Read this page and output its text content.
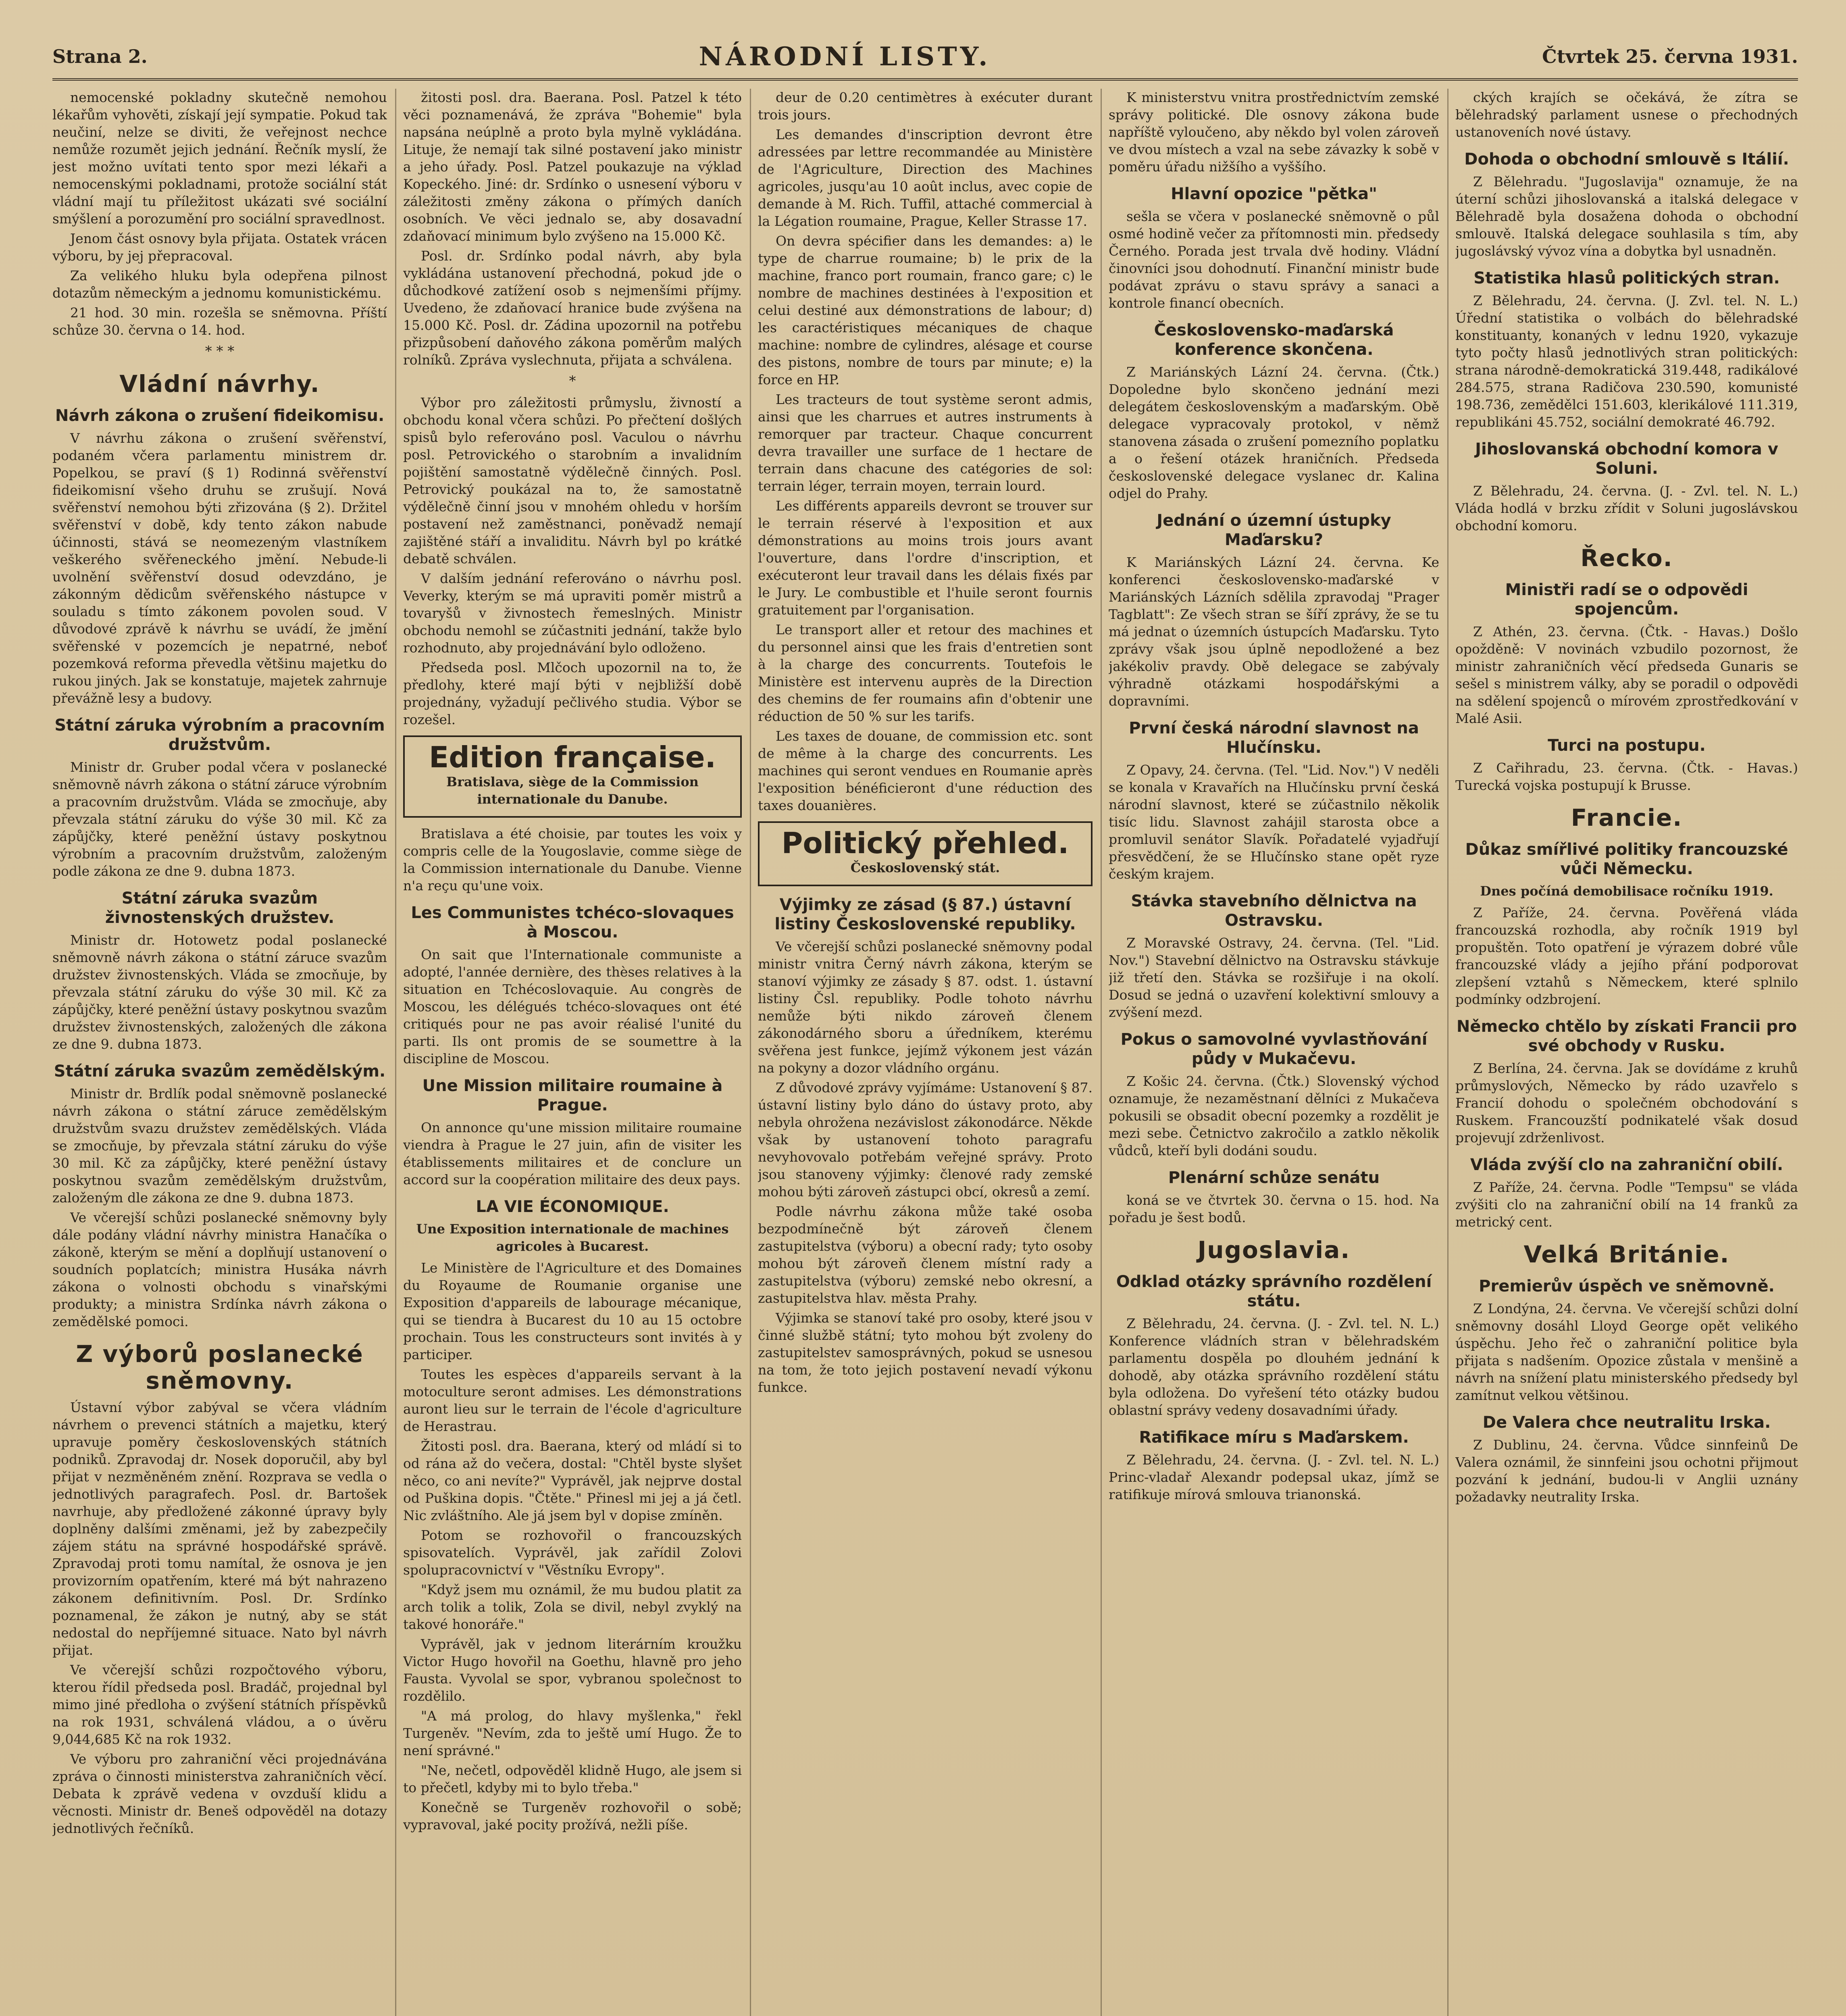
Strana 2.	NÁRODNÍ LISTY.	Čtvrtek 25. června 1931.

nemocenské pokladny skutečně nemohou lékařům vyhověti, získají její sympatie. Pokud tak neučiní, nelze se diviti, že veřejnost nechce nemůže rozumět jejich jednání. Řečník myslí, že jest možno uvítati tento spor mezi lékaři a nemocenskými pokladnami, protože sociální stát vládní mají tu příležitost ukázati své sociální smýšlení a porozumění pro sociální spravedlnost.

Jenom část osnovy byla přijata. Ostatek vrácen výboru, by jej přepracoval.

Za velikého hluku byla odepřena pilnost dotazům německým a jednomu komunistickému.

21 hod. 30 min. rozešla se sněmovna. Příští schůze 30. června o 14. hod.

* * *
Vládní návrhy.
Návrh zákona o zrušení fideikomisu.

V návrhu zákona o zrušení svěřenství, podaném včera parlamentu ministrem dr. Popelkou, se praví (§ 1) Rodinná svěřenství fideikomisní všeho druhu se zrušují. Nová svěřenství nemohou býti zřizována (§ 2). Držitel svěřenství v době, kdy tento zákon nabude účinnosti, stává se neomezeným vlastníkem veškerého svěřeneckého jmění. Nebude-li uvolnění svěřenství dosud odevzdáno, je zákonným dědicům svěřenského nástupce v souladu s tímto zákonem povolen soud. V důvodové zprávě k návrhu se uvádí, že jmění svěřenské v pozemcích je nepatrné, neboť pozemková reforma převedla většinu majetku do rukou jiných. Jak se konstatuje, majetek zahrnuje převážně lesy a budovy.

Státní záruka výrobním a pracovním družstvům.

Ministr dr. Gruber podal včera v poslanecké sněmovně návrh zákona o státní záruce výrobním a pracovním družstvům. Vláda se zmocňuje, aby převzala státní záruku do výše 30 mil. Kč za zápůjčky, které peněžní ústavy poskytnou výrobním a pracovním družstvům, založeným podle zákona ze dne 9. dubna 1873.

Státní záruka svazům živnostenských družstev.

Ministr dr. Hotowetz podal poslanecké sněmovně návrh zákona o státní záruce svazům družstev živnostenských. Vláda se zmocňuje, by převzala státní záruku do výše 30 mil. Kč za zápůjčky, které peněžní ústavy poskytnou svazům družstev živnostenských, založených dle zákona ze dne 9. dubna 1873.

Státní záruka svazům zemědělským.

Ministr dr. Brdlík podal sněmovně poslanecké návrh zákona o státní záruce zemědělským družstvům svazu družstev zemědělských. Vláda se zmocňuje, by převzala státní záruku do výše 30 mil. Kč za zápůjčky, které peněžní ústavy poskytnou svazům zemědělským družstvům, založeným dle zákona ze dne 9. dubna 1873.

Ve včerejší schůzi poslanecké sněmovny byly dále podány vládní návrhy ministra Hanačíka o zákoně, kterým se mění a doplňují ustanovení o soudních poplatcích; ministra Husáka návrh zákona o volnosti obchodu s vinařskými produkty; a ministra Srdínka návrh zákona o zemědělské pomoci.

Z výborů poslanecké sněmovny.

Ústavní výbor zabýval se včera vládním návrhem o prevenci státních a majetku, který upravuje poměry československých státních podniků. Zpravodaj dr. Nosek doporučil, aby byl přijat v nezměněném znění. Rozprava se vedla o jednotlivých paragrafech. Posl. dr. Bartošek navrhuje, aby předložené zákonné úpravy byly doplněny dalšími změnami, jež by zabezpečily zájem státu na správné hospodářské správě. Zpravodaj proti tomu namítal, že osnova je jen provizorním opatřením, které má být nahrazeno zákonem definitivním. Posl. Dr. Srdínko poznamenal, že zákon je nutný, aby se stát nedostal do nepříjemné situace. Nato byl návrh přijat.

Ve včerejší schůzi rozpočtového výboru, kterou řídil předseda posl. Bradáč, projednal byl mimo jiné předloha o zvýšení státních příspěvků na rok 1931, schválená vládou, a o úvěru 9,044,685 Kč na rok 1932.

Ve výboru pro zahraniční věci projednávána zpráva o činnosti ministerstva zahraničních věcí. Debata k zprávě vedena v ovzduší klidu a věcnosti. Ministr dr. Beneš odpověděl na dotazy jednotlivých řečníků.

žitosti posl. dra. Baerana. Posl. Patzel k této věci poznamenává, že zpráva "Bohemie" byla napsána neúplně a proto byla mylně vykládána. Lituje, že nemají tak silné postavení jako ministr a jeho úřady. Posl. Patzel poukazuje na výklad Kopeckého. Jiné: dr. Srdínko o usnesení výboru v záležitosti změny zákona o přímých daních osobních. Ve věci jednalo se, aby dosavadní zdaňovací minimum bylo zvýšeno na 15.000 Kč.

Posl. dr. Srdínko podal návrh, aby byla vykládána ustanovení přechodná, pokud jde o důchodkové zatížení osob s nejmenšími příjmy. Uvedeno, že zdaňovací hranice bude zvýšena na 15.000 Kč. Posl. dr. Zádina upozornil na potřebu přizpůsobení daňového zákona poměrům malých rolníků. Zpráva vyslechnuta, přijata a schválena.

*

Výbor pro záležitosti průmyslu, živností a obchodu konal včera schůzi. Po přečtení došlých spisů bylo referováno posl. Vaculou o návrhu posl. Petrovického o starobním a invalidním pojištění samostatně výdělečně činných. Posl. Petrovický poukázal na to, že samostatně výdělečně činní jsou v mnohém ohledu v horším postavení než zaměstnanci, poněvadž nemají zajištěné stáří a invaliditu. Návrh byl po krátké debatě schválen.

V dalším jednání referováno o návrhu posl. Veverky, kterým se má upraviti poměr mistrů a tovaryšů v živnostech řemeslných. Ministr obchodu nemohl se zúčastniti jednání, takže bylo rozhodnuto, aby projednávání bylo odloženo.

Předseda posl. Mlčoch upozornil na to, že předlohy, které mají býti v nejbližší době projednány, vyžadují pečlivého studia. Výbor se rozešel.

Edition française.
Bratislava, siège de la Commission internationale du Danube.

Bratislava a été choisie, par toutes les voix y compris celle de la Yougoslavie, comme siège de la Commission internationale du Danube. Vienne n'a reçu qu'une voix.

Les Communistes tchéco-slovaques à Moscou.

On sait que l'Internationale communiste a adopté, l'année dernière, des thèses relatives à la situation en Tchécoslovaquie. Au congrès de Moscou, les délégués tchéco-slovaques ont été critiqués pour ne pas avoir réalisé l'unité du parti. Ils ont promis de se soumettre à la discipline de Moscou.

Une Mission militaire roumaine à Prague.

On annonce qu'une mission militaire roumaine viendra à Prague le 27 juin, afin de visiter les établissements militaires et de conclure un accord sur la coopération militaire des deux pays.

LA VIE ÉCONOMIQUE.
Une Exposition internationale de machines agricoles à Bucarest.

Le Ministère de l'Agriculture et des Domaines du Royaume de Roumanie organise une Exposition d'appareils de labourage mécanique, qui se tiendra à Bucarest du 10 au 15 octobre prochain. Tous les constructeurs sont invités à y participer.

Toutes les espèces d'appareils servant à la motoculture seront admises. Les démonstrations auront lieu sur le terrain de l'école d'agriculture de Herastrau.

Žitosti posl. dra. Baerana, který od mládí si to od rána až do večera, dostal: "Chtěl byste slyšet něco, co ani nevíte?" Vyprávěl, jak nejprve dostal od Puškina dopis. "Čtěte." Přinesl mi jej a já četl. Nic zvláštního. Ale já jsem byl v dopise zmíněn.

Potom se rozhovořil o francouzských spisovatelích. Vyprávěl, jak zařídil Zolovi spolupracovnictví v "Věstníku Evropy".

"Když jsem mu oznámil, že mu budou platit za arch tolik a tolik, Zola se divil, nebyl zvyklý na takové honoráře."

Vyprávěl, jak v jednom literárním kroužku Victor Hugo hovořil na Goethu, hlavně pro jeho Fausta. Vyvolal se spor, vybranou společnost to rozdělilo.

"A má prolog, do hlavy myšlenka," řekl Turgeněv. "Nevím, zda to ještě umí Hugo. Že to není správné."

"Ne, nečetl, odpověděl klidně Hugo, ale jsem si to přečetl, kdyby mi to bylo třeba."

Konečně se Turgeněv rozhovořil o sobě; vypravoval, jaké pocity prožívá, nežli píše.

deur de 0.20 centimètres à exécuter durant trois jours.

Les demandes d'inscription devront être adressées par lettre recommandée au Ministère de l'Agriculture, Direction des Machines agricoles, jusqu'au 10 août inclus, avec copie de demande à M. Rich. Tuffil, attaché commercial à la Légation roumaine, Prague, Keller Strasse 17.

On devra spécifier dans les demandes: a) le type de charrue roumaine; b) le prix de la machine, franco port roumain, franco gare; c) le nombre de machines destinées à l'exposition et celui destiné aux démonstrations de labour; d) les caractéristiques mécaniques de chaque machine: nombre de cylindres, alésage et course des pistons, nombre de tours par minute; e) la force en HP.

Les tracteurs de tout système seront admis, ainsi que les charrues et autres instruments à remorquer par tracteur. Chaque concurrent devra travailler une surface de 1 hectare de terrain dans chacune des catégories de sol: terrain léger, terrain moyen, terrain lourd.

Les différents appareils devront se trouver sur le terrain réservé à l'exposition et aux démonstrations au moins trois jours avant l'ouverture, dans l'ordre d'inscription, et exécuteront leur travail dans les délais fixés par le Jury. Le combustible et l'huile seront fournis gratuitement par l'organisation.

Le transport aller et retour des machines et du personnel ainsi que les frais d'entretien sont à la charge des concurrents. Toutefois le Ministère est intervenu auprès de la Direction des chemins de fer roumains afin d'obtenir une réduction de 50 % sur les tarifs.

Les taxes de douane, de commission etc. sont de même à la charge des concurrents. Les machines qui seront vendues en Roumanie après l'exposition bénéficieront d'une réduction des taxes douanières.

Politický přehled.
Československý stát.
Výjimky ze zásad (§ 87.) ústavní listiny Československé republiky.

Ve včerejší schůzi poslanecké sněmovny podal ministr vnitra Černý návrh zákona, kterým se stanoví výjimky ze zásady § 87. odst. 1. ústavní listiny Čsl. republiky. Podle tohoto návrhu nemůže býti nikdo zároveň členem zákonodárného sboru a úředníkem, kterému svěřena jest funkce, jejímž výkonem jest vázán na pokyny a dozor vládního orgánu.

Z důvodové zprávy vyjímáme: Ustanovení § 87. ústavní listiny bylo dáno do ústavy proto, aby nebyla ohrožena nezávislost zákonodárce. Někde však by ustanovení tohoto paragrafu nevyhovovalo potřebám veřejné správy. Proto jsou stanoveny výjimky: členové rady zemské mohou býti zároveň zástupci obcí, okresů a zemí.

Podle návrhu zákona může také osoba bezpodmínečně být zároveň členem zastupitelstva (výboru) a obecní rady; tyto osoby mohou být zároveň členem místní rady a zastupitelstva (výboru) zemské nebo okresní, a zastupitelstva hlav. města Prahy.

Výjimka se stanoví také pro osoby, které jsou v činné službě státní; tyto mohou být zvoleny do zastupitelstev samosprávných, pokud se usnesou na tom, že toto jejich postavení nevadí výkonu funkce.

K ministerstvu vnitra prostřednictvím zemské správy politické. Dle osnovy zákona bude napříště vyloučeno, aby někdo byl volen zároveň ve dvou místech a vzal na sebe závazky k sobě v poměru úřadu nižšího a vyššího.

Hlavní opozice "pětka"

sešla se včera v poslanecké sněmovně o půl osmé hodině večer za přítomnosti min. předsedy Černého. Porada jest trvala dvě hodiny. Vládní činovníci jsou dohodnutí. Finanční ministr bude podávat zprávu o stavu správy a sanaci a kontrole financí obecních.

Československo-maďarská konference skončena.

Z Mariánských Lázní 24. června. (Čtk.) Dopoledne bylo skončeno jednání mezi delegátem československým a maďarským. Obě delegace vypracovaly protokol, v němž stanovena zásada o zrušení pomezního poplatku a o řešení otázek hraničních. Předseda československé delegace vyslanec dr. Kalina odjel do Prahy.

Jednání o územní ústupky Maďarsku?

K Mariánských Lázní 24. června. Ke konferenci československo-maďarské v Mariánských Lázních sdělila zpravodaj "Prager Tagblatt": Ze všech stran se šíří zprávy, že se tu má jednat o územních ústupcích Maďarsku. Tyto zprávy však jsou úplně nepodložené a bez jakékoliv pravdy. Obě delegace se zabývaly výhradně otázkami hospodářskými a dopravními.

První česká národní slavnost na Hlučínsku.

Z Opavy, 24. června. (Tel. "Lid. Nov.") V neděli se konala v Kravařích na Hlučínsku první česká národní slavnost, které se zúčastnilo několik tisíc lidu. Slavnost zahájil starosta obce a promluvil senátor Slavík. Pořadatelé vyjadřují přesvědčení, že se Hlučínsko stane opět ryze českým krajem.

Stávka stavebního dělnictva na Ostravsku.

Z Moravské Ostravy, 24. června. (Tel. "Lid. Nov.") Stavební dělnictvo na Ostravsku stávkuje již třetí den. Stávka se rozšiřuje i na okolí. Dosud se jedná o uzavření kolektivní smlouvy a zvýšení mezd.

Pokus o samovolné vyvlastňování půdy v Mukačevu.

Z Košic 24. června. (Čtk.) Slovenský východ oznamuje, že nezaměstnaní dělníci z Mukačeva pokusili se obsadit obecní pozemky a rozdělit je mezi sebe. Četnictvo zakročilo a zatklo několik vůdců, kteří byli dodáni soudu.

Plenární schůze senátu

koná se ve čtvrtek 30. června o 15. hod. Na pořadu je šest bodů.

Jugoslavia.
Odklad otázky správního rozdělení státu.

Z Bělehradu, 24. června. (J. - Zvl. tel. N. L.) Konference vládních stran v bělehradském parlamentu dospěla po dlouhém jednání k dohodě, aby otázka správního rozdělení státu byla odložena. Do vyřešení této otázky budou oblastní správy vedeny dosavadními úřady.

Ratifikace míru s Maďarskem.

Z Bělehradu, 24. června. (J. - Zvl. tel. N. L.) Princ-vladař Alexandr podepsal ukaz, jímž se ratifikuje mírová smlouva trianonská.

ckých krajích se očekává, že zítra se bělehradský parlament usnese o přechodných ustanoveních nové ústavy.

Dohoda o obchodní smlouvě s Itálií.

Z Bělehradu. "Jugoslavija" oznamuje, že na úterní schůzi jihoslovanská a italská delegace v Bělehradě byla dosažena dohoda o obchodní smlouvě. Italská delegace souhlasila s tím, aby jugoslávský vývoz vína a dobytka byl usnadněn.

Statistika hlasů politických stran.

Z Bělehradu, 24. června. (J. Zvl. tel. N. L.) Úřední statistika o volbách do bělehradské konstituanty, konaných v lednu 1920, vykazuje tyto počty hlasů jednotlivých stran politických: strana národně-demokratická 319.448, radikálové 284.575, strana Radičova 230.590, komunisté 198.736, zemědělci 151.603, klerikálové 111.319, republikáni 45.752, sociální demokraté 46.792.

Jihoslovanská obchodní komora v Soluni.

Z Bělehradu, 24. června. (J. - Zvl. tel. N. L.) Vláda hodlá v brzku zřídit v Soluni jugoslávskou obchodní komoru.

Řecko.
Ministři radí se o odpovědi spojencům.

Z Athén, 23. června. (Čtk. - Havas.) Došlo opožděně: V novinách vzbudilo pozornost, že ministr zahraničních věcí předseda Gunaris se sešel s ministrem války, aby se poradil o odpovědi na sdělení spojenců o mírovém zprostředkování v Malé Asii.

Turci na postupu.

Z Cařihradu, 23. června. (Čtk. - Havas.) Turecká vojska postupují k Brusse.

Francie.
Důkaz smířlivé politiky francouzské vůči Německu.
Dnes počíná demobilisace ročníku 1919.

Z Paříže, 24. června. Pověřená vláda francouzská rozhodla, aby ročník 1919 byl propuštěn. Toto opatření je výrazem dobré vůle francouzské vlády a jejího přání podporovat zlepšení vztahů s Německem, které splnilo podmínky odzbrojení.

Německo chtělo by získati Francii pro své obchody v Rusku.

Z Berlína, 24. června. Jak se dovídáme z kruhů průmyslových, Německo by rádo uzavřelo s Francií dohodu o společném obchodování s Ruskem. Francouzští podnikatelé však dosud projevují zdrženlivost.

Vláda zvýší clo na zahraniční obilí.

Z Paříže, 24. června. Podle "Tempsu" se vláda zvýšiti clo na zahraniční obilí na 14 franků za metrický cent.

Velká Británie.
Premierův úspěch ve sněmovně.

Z Londýna, 24. června. Ve včerejší schůzi dolní sněmovny dosáhl Lloyd George opět velikého úspěchu. Jeho řeč o zahraniční politice byla přijata s nadšením. Opozice zůstala v menšině a návrh na snížení platu ministerského předsedy byl zamítnut velkou většinou.

De Valera chce neutralitu Irska.

Z Dublinu, 24. června. Vůdce sinnfeinů De Valera oznámil, že sinnfeini jsou ochotni přijmout pozvání k jednání, budou-li v Anglii uznány požadavky neutrality Irska.
